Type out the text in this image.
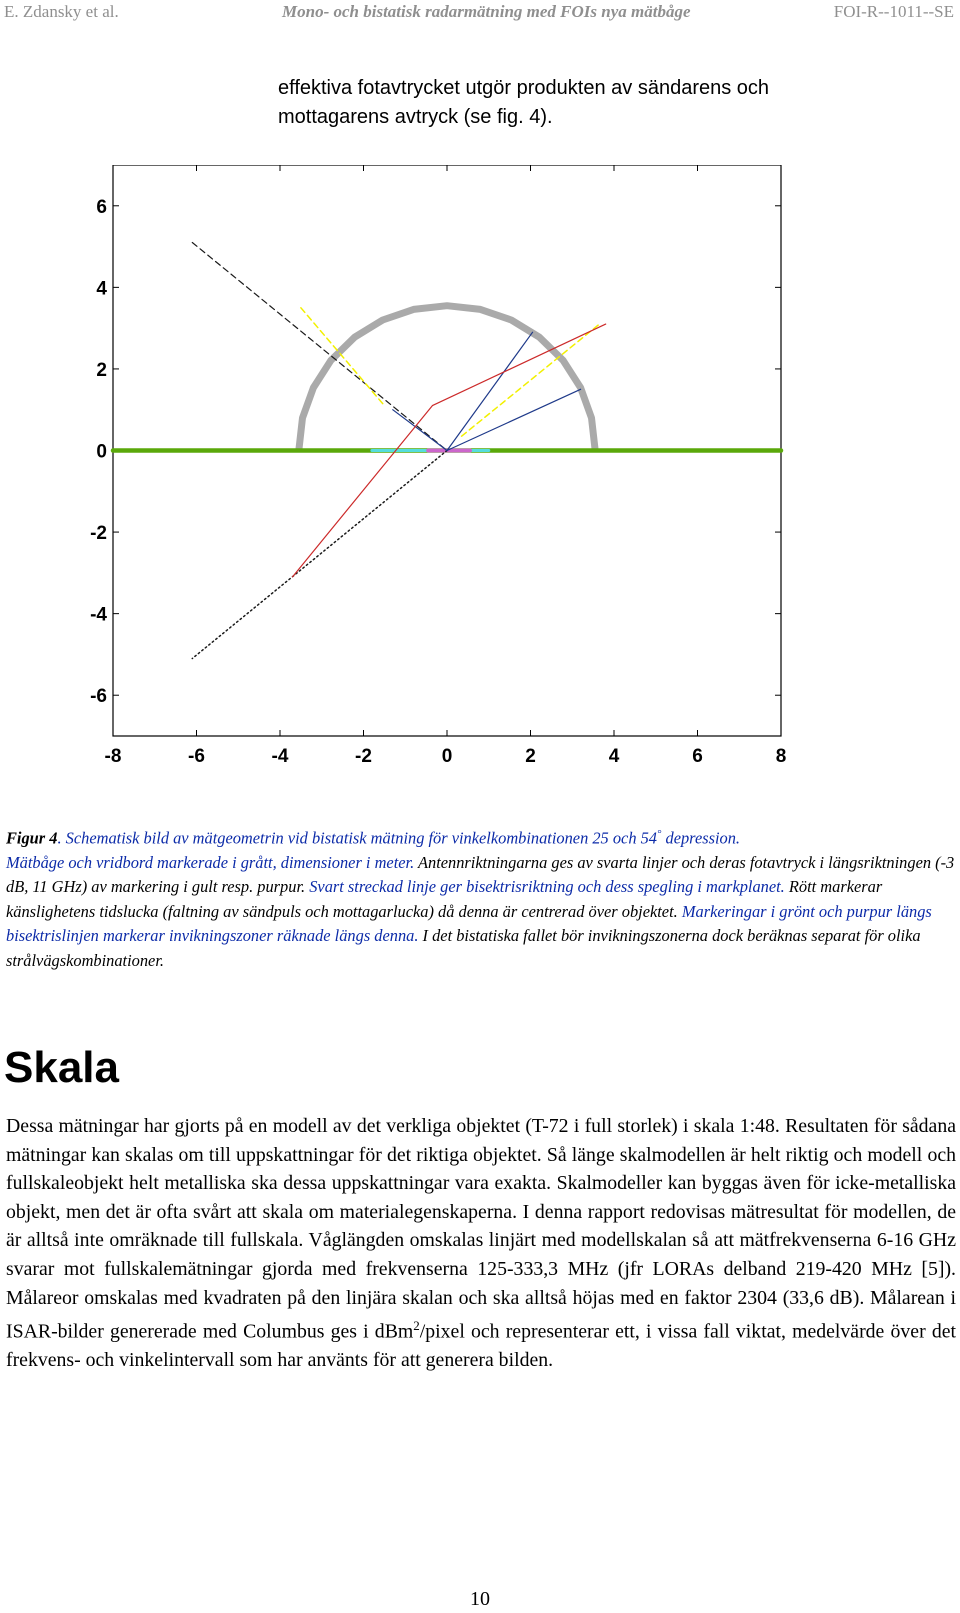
E. Zdansky et al.	Mono- och bistatisk radarmätning med FOIs nya mätbåge	FOI-R--1011--SE

effektiva fotavtrycket utgör produkten av sändarens och mottagarens avtryck (se fig. 4).

-8	-6	-4	-2	0	2	4	6	8
-6
-4
-2
0
2
4
6
Figur 4. Schematisk bild av mätgeometrin vid bistatisk mätning för vinkelkombinationen 25 och 54° depression.
Mätbåge och vridbord markerade i grått, dimensioner i meter. Antennriktningarna ges av svarta linjer och deras fotavtryck i längsriktningen (-3 dB, 11 GHz) av markering i gult resp. purpur. Svart streckad linje ger bisektrisriktning och dess spegling i markplanet. Rött markerar känslighetens tidslucka (faltning av sändpuls och mottagarlucka) då denna är centrerad över objektet. Markeringar i grönt och purpur längs bisektrislinjen markerar invikningszoner räknade längs denna. I det bistatiska fallet bör invikningszonerna dock beräknas separat för olika strålvägskombinationer.
Skala

Dessa mätningar har gjorts på en modell av det verkliga objektet (T-72 i full storlek) i skala 1:48. Resultaten för sådana mätningar kan skalas om till uppskattningar för det riktiga objektet. Så länge skalmodellen är helt riktig och modell och fullskaleobjekt helt metalliska ska dessa uppskattningar vara exakta. Skalmodeller kan byggas även för icke-metalliska objekt, men det är ofta svårt att skala om materialegenskaperna. I denna rapport redovisas mätresultat för modellen, de är alltså inte omräknade till fullskala. Våglängden omskalas linjärt med modellskalan så att mätfrekvenserna 6-16 GHz svarar mot fullskalemätningar gjorda med frekvenserna 125-333,3 MHz (jfr LORAs delband 219-420 MHz [5]). Målareor omskalas med kvadraten på den linjära skalan och ska alltså höjas med en faktor 2304 (33,6 dB). Målarean i ISAR-bilder genererade med Columbus ges i dBm$^2$/pixel och representerar ett, i vissa fall viktat, medelvärde över det frekvens- och vinkelintervall som har använts för att generera bilden.

10
